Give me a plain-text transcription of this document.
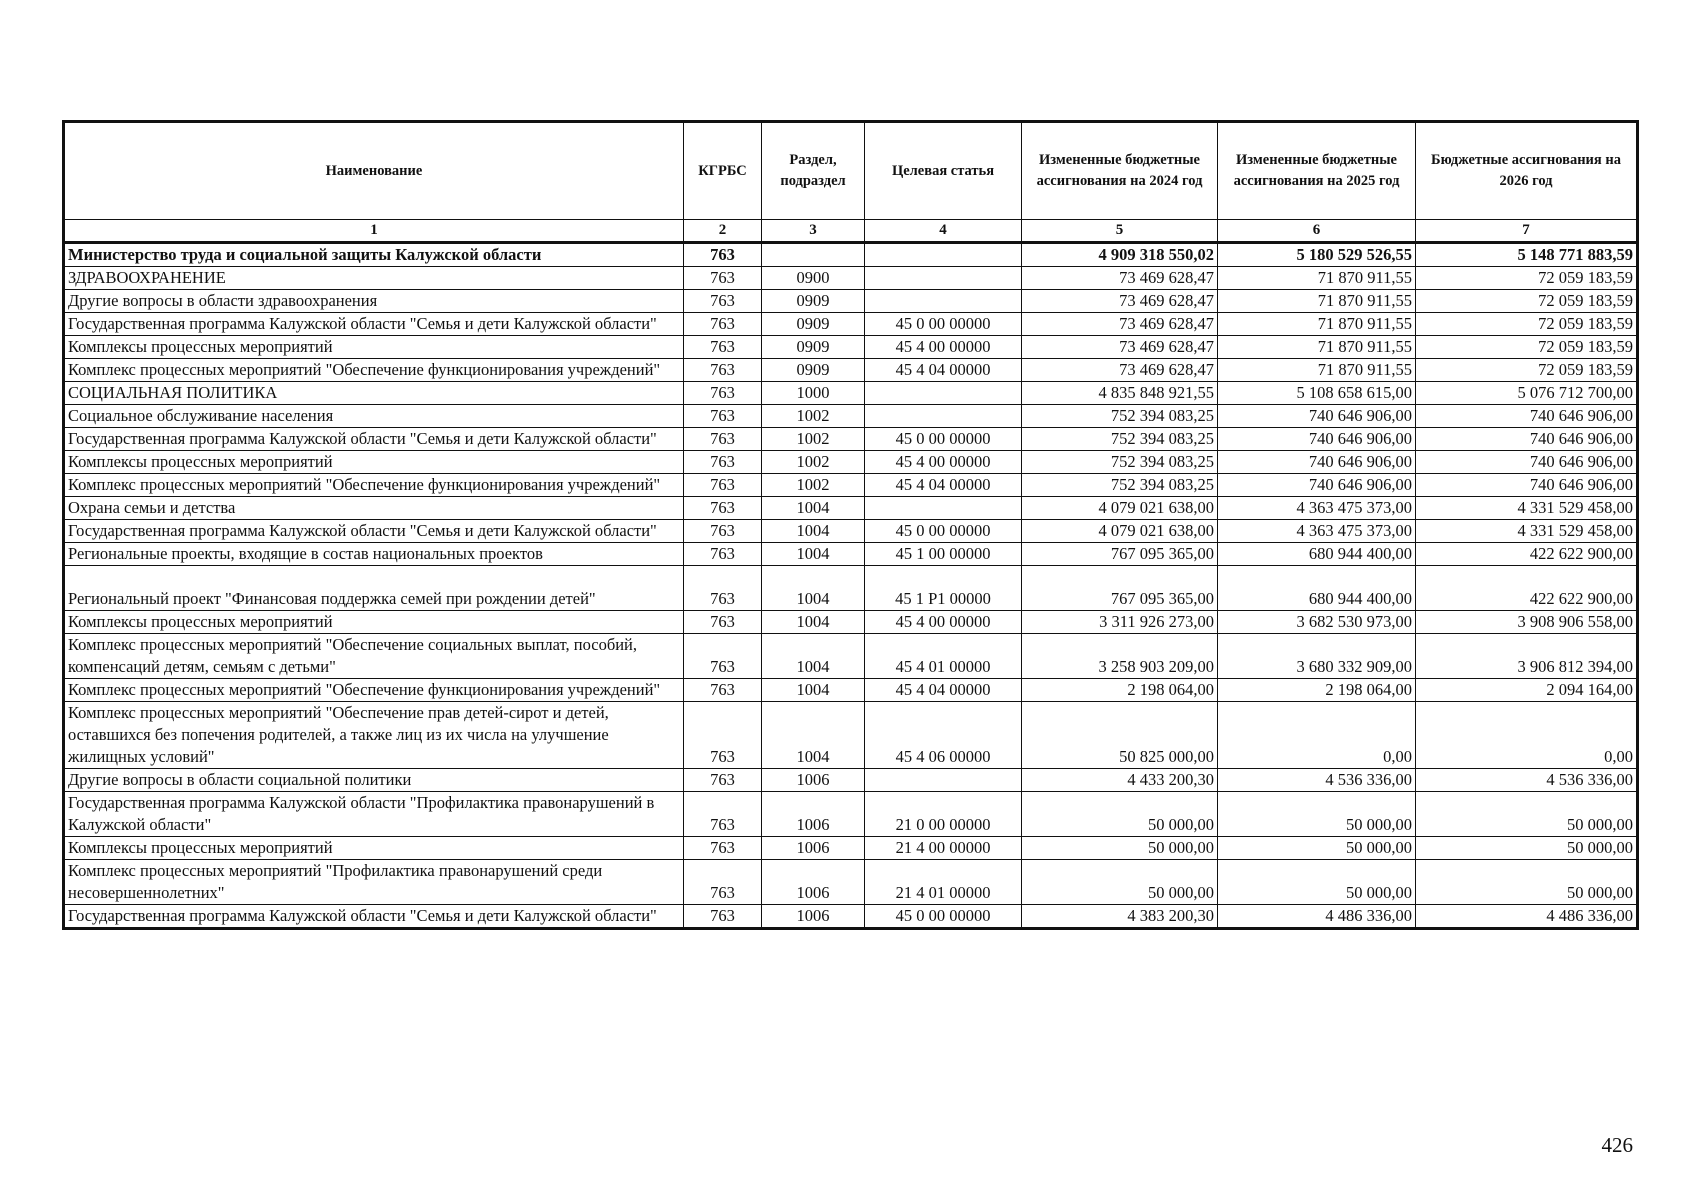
Наименование	КГРБС	Раздел, подраздел	Целевая статья	Измененные бюджетные ассигнования на 2024 год	Измененные бюджетные ассигнования на 2025 год	Бюджетные ассигнования на 2026 год
1	2	3	4	5	6	7
Министерство труда и социальной защиты Калужской области	763			4 909 318 550,02	5 180 529 526,55	5 148 771 883,59
ЗДРАВООХРАНЕНИЕ	763	0900		73 469 628,47	71 870 911,55	72 059 183,59
Другие вопросы в области здравоохранения	763	0909		73 469 628,47	71 870 911,55	72 059 183,59
Государственная программа Калужской области "Семья и дети Калужской области"	763	0909	45 0 00 00000	73 469 628,47	71 870 911,55	72 059 183,59
Комплексы процессных мероприятий	763	0909	45 4 00 00000	73 469 628,47	71 870 911,55	72 059 183,59
Комплекс процессных мероприятий "Обеспечение функционирования учреждений"	763	0909	45 4 04 00000	73 469 628,47	71 870 911,55	72 059 183,59
СОЦИАЛЬНАЯ ПОЛИТИКА	763	1000		4 835 848 921,55	5 108 658 615,00	5 076 712 700,00
Социальное обслуживание населения	763	1002		752 394 083,25	740 646 906,00	740 646 906,00
Государственная программа Калужской области "Семья и дети Калужской области"	763	1002	45 0 00 00000	752 394 083,25	740 646 906,00	740 646 906,00
Комплексы процессных мероприятий	763	1002	45 4 00 00000	752 394 083,25	740 646 906,00	740 646 906,00
Комплекс процессных мероприятий "Обеспечение функционирования учреждений"	763	1002	45 4 04 00000	752 394 083,25	740 646 906,00	740 646 906,00
Охрана семьи и детства	763	1004		4 079 021 638,00	4 363 475 373,00	4 331 529 458,00
Государственная программа Калужской области "Семья и дети Калужской области"	763	1004	45 0 00 00000	4 079 021 638,00	4 363 475 373,00	4 331 529 458,00
Региональные проекты, входящие в состав национальных проектов	763	1004	45 1 00 00000	767 095 365,00	680 944 400,00	422 622 900,00
Региональный проект "Финансовая поддержка семей при рождении детей"	763	1004	45 1 P1 00000	767 095 365,00	680 944 400,00	422 622 900,00
Комплексы процессных мероприятий	763	1004	45 4 00 00000	3 311 926 273,00	3 682 530 973,00	3 908 906 558,00
Комплекс процессных мероприятий "Обеспечение социальных выплат, пособий, компенсаций детям, семьям с детьми"	763	1004	45 4 01 00000	3 258 903 209,00	3 680 332 909,00	3 906 812 394,00
Комплекс процессных мероприятий "Обеспечение функционирования учреждений"	763	1004	45 4 04 00000	2 198 064,00	2 198 064,00	2 094 164,00
Комплекс процессных мероприятий "Обеспечение прав детей-сирот и детей, оставшихся без попечения родителей, а также лиц из их числа на улучшение жилищных условий"	763	1004	45 4 06 00000	50 825 000,00	0,00	0,00
Другие вопросы в области социальной политики	763	1006		4 433 200,30	4 536 336,00	4 536 336,00
Государственная программа Калужской области "Профилактика правонарушений в Калужской области"	763	1006	21 0 00 00000	50 000,00	50 000,00	50 000,00
Комплексы процессных мероприятий	763	1006	21 4 00 00000	50 000,00	50 000,00	50 000,00
Комплекс процессных мероприятий "Профилактика правонарушений среди несовершеннолетних"	763	1006	21 4 01 00000	50 000,00	50 000,00	50 000,00
Государственная программа Калужской области "Семья и дети Калужской области"	763	1006	45 0 00 00000	4 383 200,30	4 486 336,00	4 486 336,00
426
